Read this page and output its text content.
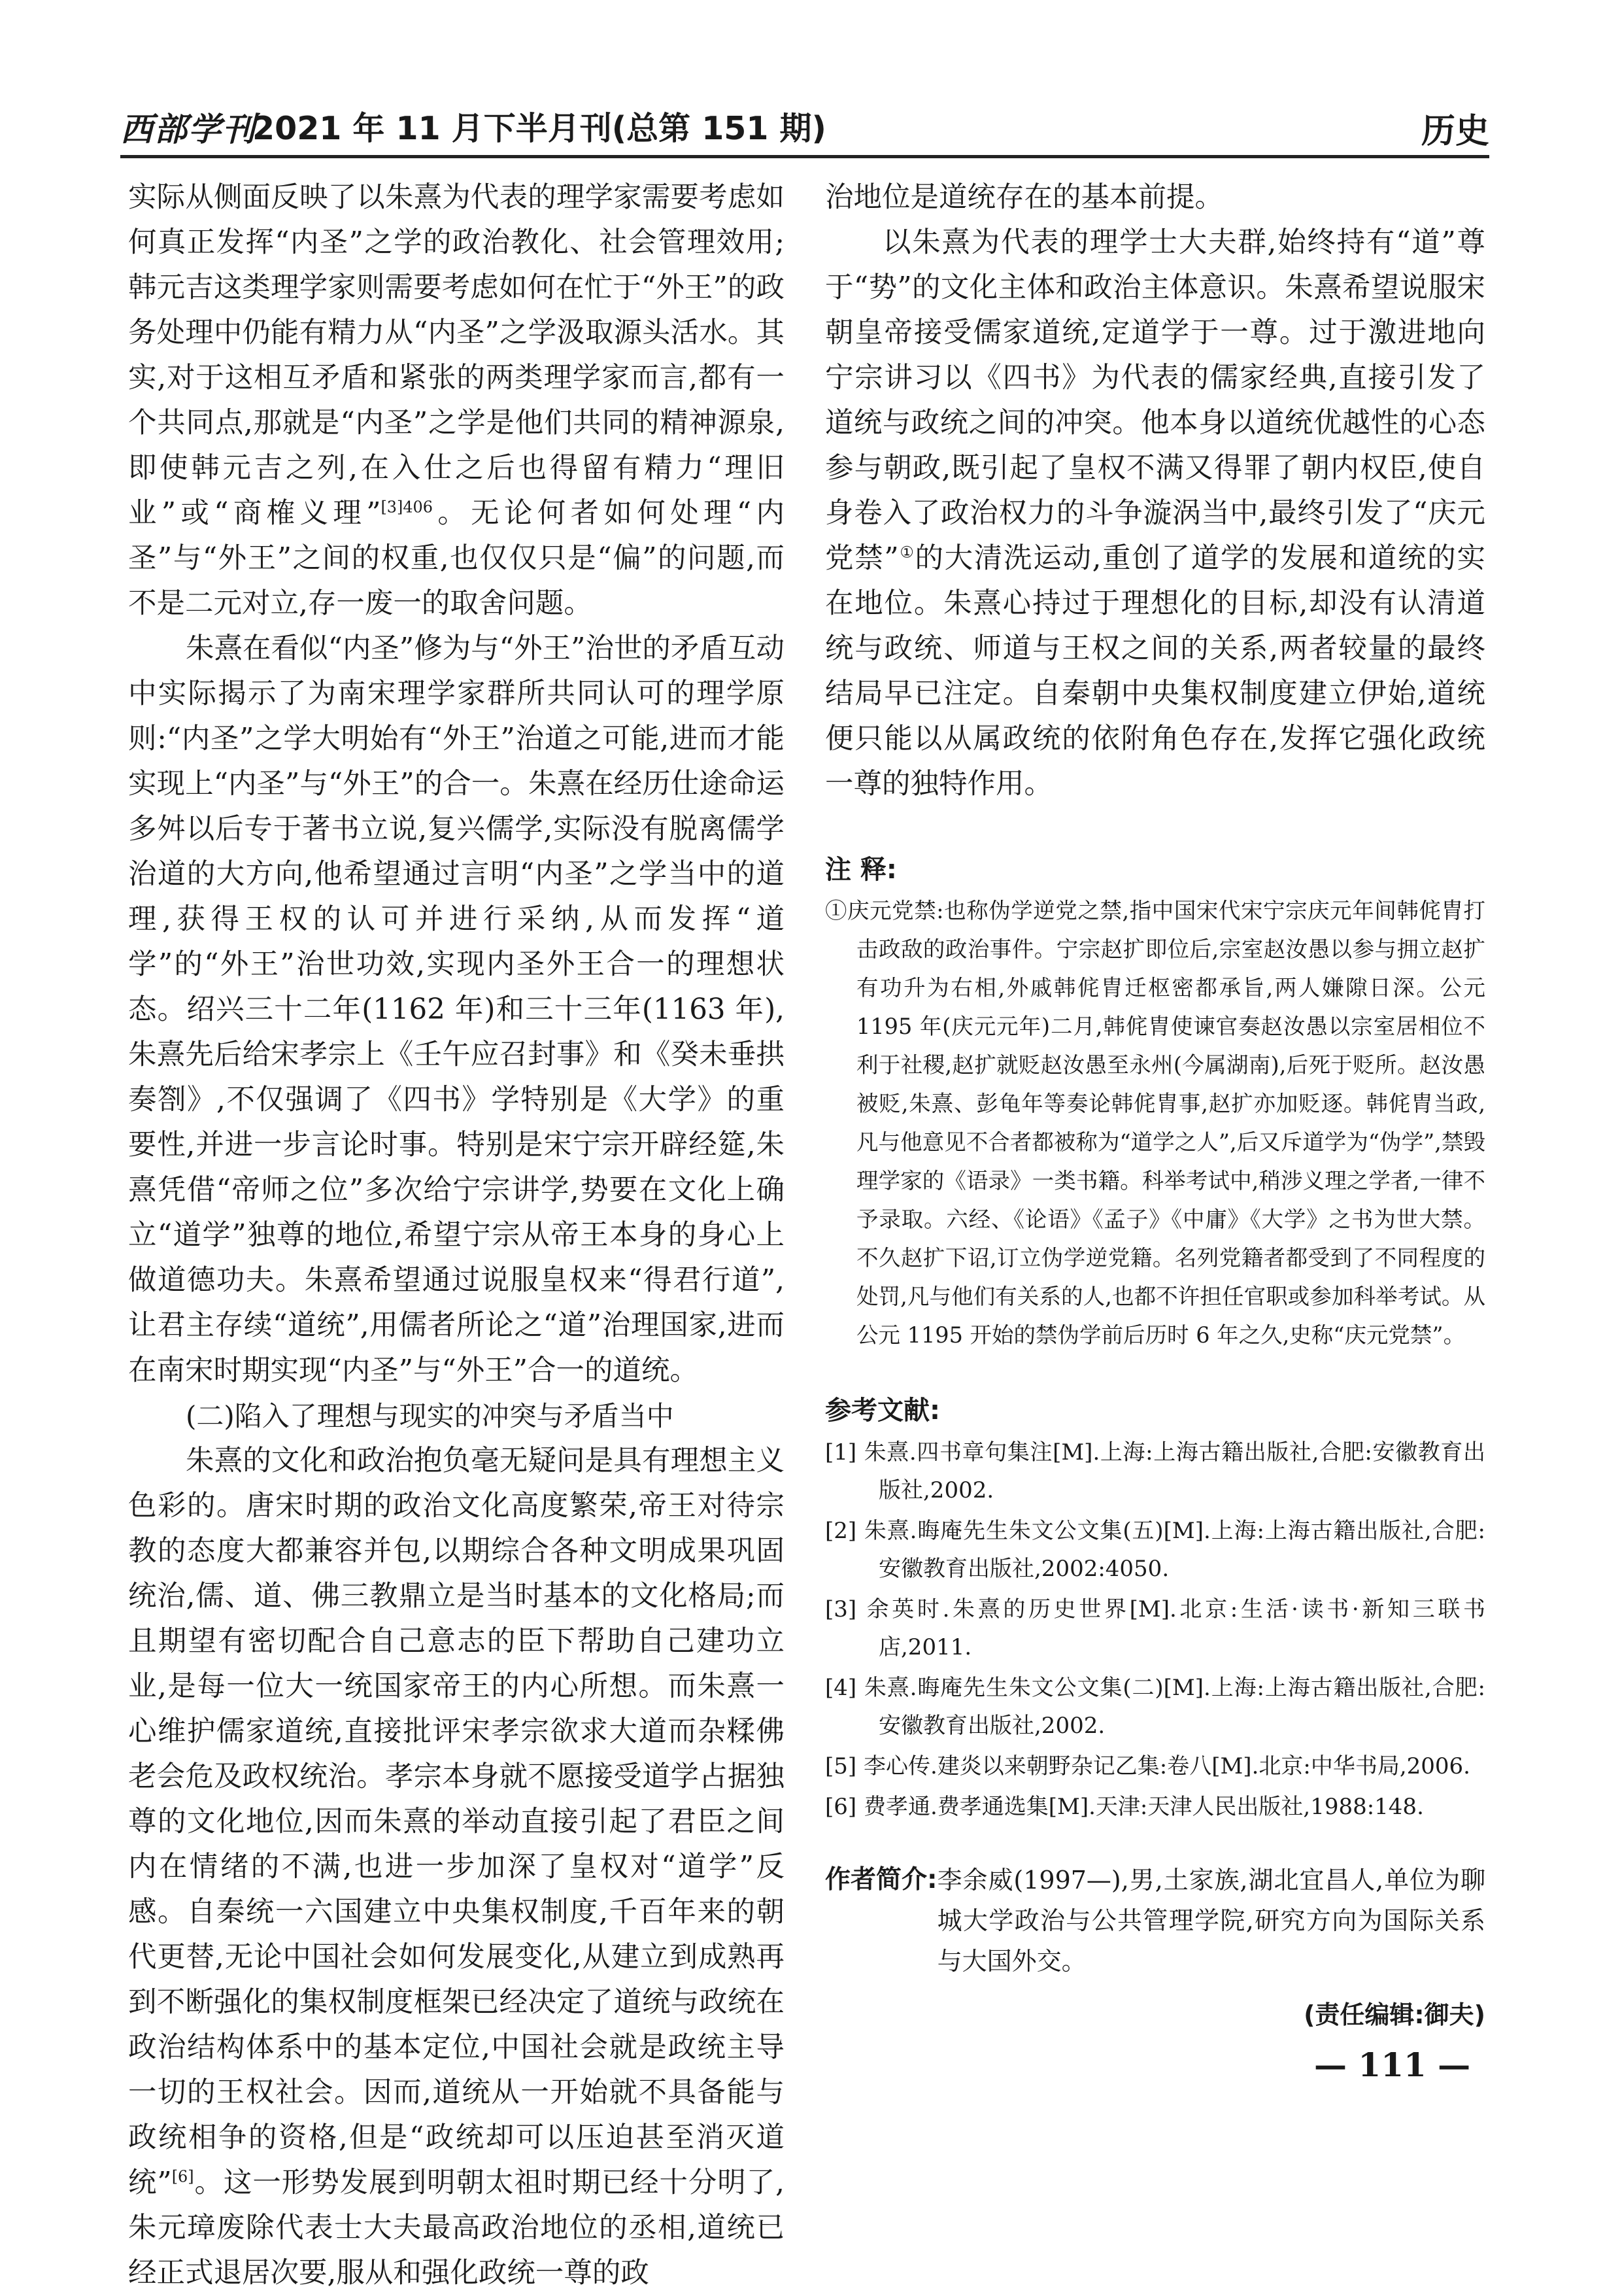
西部学刊
2021 年 11 月下半月刊(总第 151 期)	历史

实际从侧面反映了以朱熹为代表的理学家需要考虑如何真正发挥“内圣”之学的政治教化、社会管理效用;韩元吉这类理学家则需要考虑如何在忙于“外王”的政务处理中仍能有精力从“内圣”之学汲取源头活水。其实,对于这相互矛盾和紧张的两类理学家而言,都有一个共同点,那就是“内圣”之学是他们共同的精神源泉,即使韩元吉之列,在入仕之后也得留有精力“理旧业”或“商榷义理”$^{[3]406}$。无论何者如何处理“内圣”与“外王”之间的权重,也仅仅只是“偏”的问题,而不是二元对立,存一废一的取舍问题。

朱熹在看似“内圣”修为与“外王”治世的矛盾互动中实际揭示了为南宋理学家群所共同认可的理学原则:“内圣”之学大明始有“外王”治道之可能,进而才能实现上“内圣”与“外王”的合一。朱熹在经历仕途命运多舛以后专于著书立说,复兴儒学,实际没有脱离儒学治道的大方向,他希望通过言明“内圣”之学当中的道理,获得王权的认可并进行采纳,从而发挥“道学”的“外王”治世功效,实现内圣外王合一的理想状态。绍兴三十二年(1162 年)和三十三年(1163 年),朱熹先后给宋孝宗上《壬午应召封事》和《癸未垂拱奏劄》,不仅强调了《四书》学特别是《大学》的重要性,并进一步言论时事。特别是宋宁宗开辟经筵,朱熹凭借“帝师之位”多次给宁宗讲学,势要在文化上确立“道学”独尊的地位,希望宁宗从帝王本身的身心上做道德功夫。朱熹希望通过说服皇权来“得君行道”,让君主存续“道统”,用儒者所论之“道”治理国家,进而在南宋时期实现“内圣”与“外王”合一的道统。

(二)陷入了理想与现实的冲突与矛盾当中

朱熹的文化和政治抱负毫无疑问是具有理想主义色彩的。唐宋时期的政治文化高度繁荣,帝王对待宗教的态度大都兼容并包,以期综合各种文明成果巩固统治,儒、道、佛三教鼎立是当时基本的文化格局;而且期望有密切配合自己意志的臣下帮助自己建功立业,是每一位大一统国家帝王的内心所想。而朱熹一心维护儒家道统,直接批评宋孝宗欲求大道而杂糅佛老会危及政权统治。孝宗本身就不愿接受道学占据独尊的文化地位,因而朱熹的举动直接引起了君臣之间内在情绪的不满,也进一步加深了皇权对“道学”反感。自秦统一六国建立中央集权制度,千百年来的朝代更替,无论中国社会如何发展变化,从建立到成熟再到不断强化的集权制度框架已经决定了道统与政统在政治结构体系中的基本定位,中国社会就是政统主导一切的王权社会。因而,道统从一开始就不具备能与政统相争的资格,但是“政统却可以压迫甚至消灭道统”[6]。这一形势发展到明朝太祖时期已经十分明了,朱元璋废除代表士大夫最高政治地位的丞相,道统已经正式退居次要,服从和强化政统一尊的政

治地位是道统存在的基本前提。

以朱熹为代表的理学士大夫群,始终持有“道”尊于“势”的文化主体和政治主体意识。朱熹希望说服宋朝皇帝接受儒家道统,定道学于一尊。过于激进地向宁宗讲习以《四书》为代表的儒家经典,直接引发了道统与政统之间的冲突。他本身以道统优越性的心态参与朝政,既引起了皇权不满又得罪了朝内权臣,使自身卷入了政治权力的斗争漩涡当中,最终引发了“庆元党禁”①的大清洗运动,重创了道学的发展和道统的实在地位。朱熹心持过于理想化的目标,却没有认清道统与政统、师道与王权之间的关系,两者较量的最终结局早已注定。自秦朝中央集权制度建立伊始,道统便只能以从属政统的依附角色存在,发挥它强化政统一尊的独特作用。

注 释:

①庆元党禁:也称伪学逆党之禁,指中国宋代宋宁宗庆元年间韩侂胄打击政敌的政治事件。宁宗赵扩即位后,宗室赵汝愚以参与拥立赵扩有功升为右相,外戚韩侂胄迁枢密都承旨,两人嫌隙日深。公元 1195 年(庆元元年)二月,韩侂胄使谏官奏赵汝愚以宗室居相位不利于社稷,赵扩就贬赵汝愚至永州(今属湖南),后死于贬所。赵汝愚被贬,朱熹、彭龟年等奏论韩侂胄事,赵扩亦加贬逐。韩侂胄当政,凡与他意见不合者都被称为“道学之人”,后又斥道学为“伪学”,禁毁理学家的《语录》一类书籍。科举考试中,稍涉义理之学者,一律不予录取。六经、《论语》《孟子》《中庸》《大学》之书为世大禁。不久赵扩下诏,订立伪学逆党籍。名列党籍者都受到了不同程度的处罚,凡与他们有关系的人,也都不许担任官职或参加科举考试。从公元 1195 开始的禁伪学前后历时 6 年之久,史称“庆元党禁”。

参考文献:

[1] 朱熹.四书章句集注[M].上海:上海古籍出版社,合肥:安徽教育出版社,2002.
[2] 朱熹.晦庵先生朱文公文集(五)[M].上海:上海古籍出版社,合肥:安徽教育出版社,2002:4050.
[3] 余英时.朱熹的历史世界[M].北京:生活·读书·新知三联书店,2011.
[4] 朱熹.晦庵先生朱文公文集(二)[M].上海:上海古籍出版社,合肥:安徽教育出版社,2002.
[5] 李心传.建炎以来朝野杂记乙集:卷八[M].北京:中华书局,2006.
[6] 费孝通.费孝通选集[M].天津:天津人民出版社,1988:148.
作者简介: 李余威(1997—),男,土家族,湖北宜昌人,单位为聊城大学政治与公共管理学院,研究方向为国际关系与大国外交。

(责任编辑:御夫)

— 111 —
